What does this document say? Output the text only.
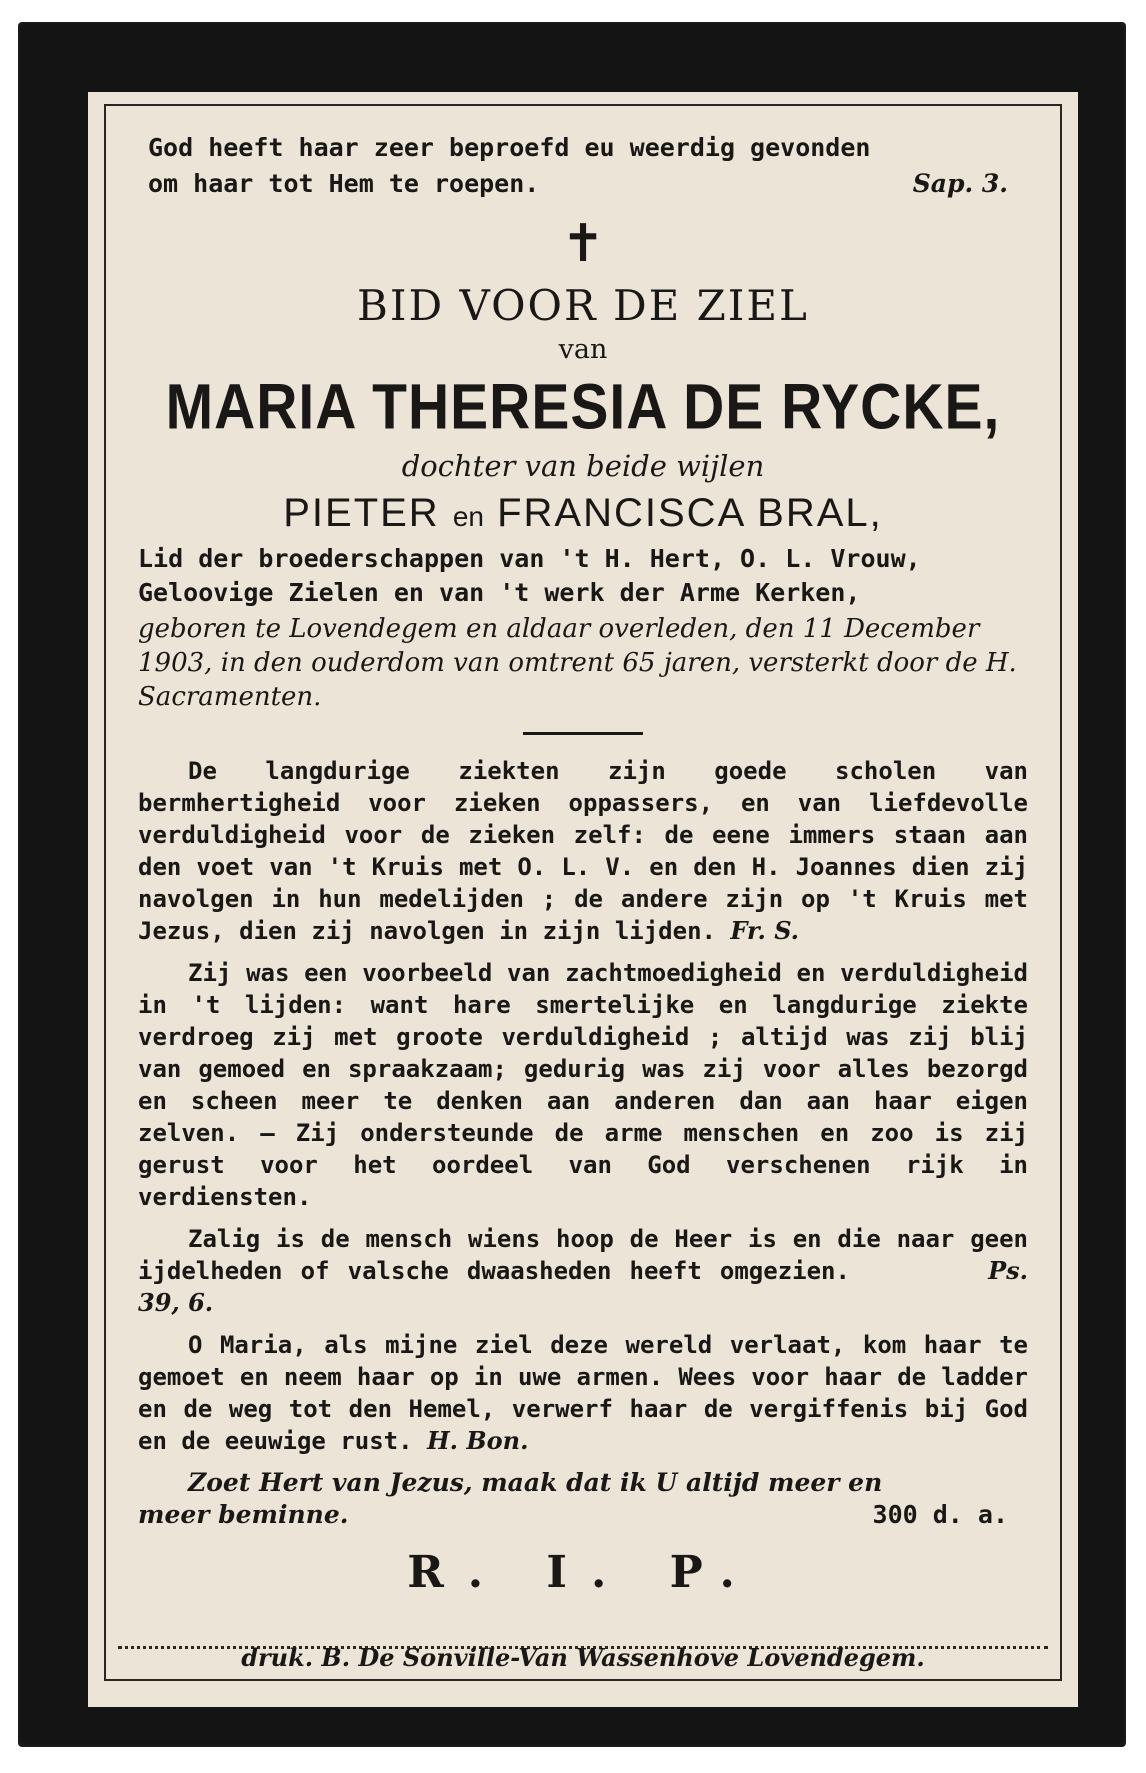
God heeft haar zeer beproefd eu weerdig gevonden
om haar tot Hem te roepen.	Sap. 3.
✝
BID VOOR DE ZIEL
van
MARIA THERESIA DE RYCKE,
dochter van beide wijlen
PIETER en FRANCISCA BRAL,
Lid der broederschappen van 't H. Hert, O. L. Vrouw, Geloovige Zielen en van 't werk der Arme Kerken,
geboren te Lovendegem en aldaar overleden, den 11 December 1903, in den ouderdom van omtrent 65 jaren, versterkt door de H. Sacramenten.

De langdurige ziekten zijn goede scholen van bermhertigheid voor zieken oppassers, en van liefdevolle verduldigheid voor de zieken zelf: de eene immers staan aan den voet van 't Kruis met O. L. V. en den H. Joannes dien zij navolgen in hun medelijden ; de andere zijn op 't Kruis met Jezus, dien zij navolgen in zijn lijden. Fr. S.

Zij was een voorbeeld van zachtmoedigheid en verduldigheid in 't lijden: want hare smertelijke en langdurige ziekte verdroeg zij met groote verduldigheid ; altijd was zij blij van gemoed en spraakzaam; gedurig was zij voor alles bezorgd en scheen meer te denken aan anderen dan aan haar eigen zelven. — Zij ondersteunde de arme menschen en zoo is zij gerust voor het oordeel van God verschenen rijk in verdiensten.

Zalig is de mensch wiens hoop de Heer is en die naar geen ijdelheden of valsche dwaasheden heeft omgezien.	Ps. 39, 6.

O Maria, als mijne ziel deze wereld verlaat, kom haar te gemoet en neem haar op in uwe armen. Wees voor haar de ladder en de weg tot den Hemel, verwerf haar de vergiffenis bij God en de eeuwige rust. H. Bon.

Zoet Hert van Jezus, maak dat ik U altijd meer en
meer beminne.	300 d. a.
R. I. P.
druk. B. De Sonville-Van Wassenhove Lovendegem.
